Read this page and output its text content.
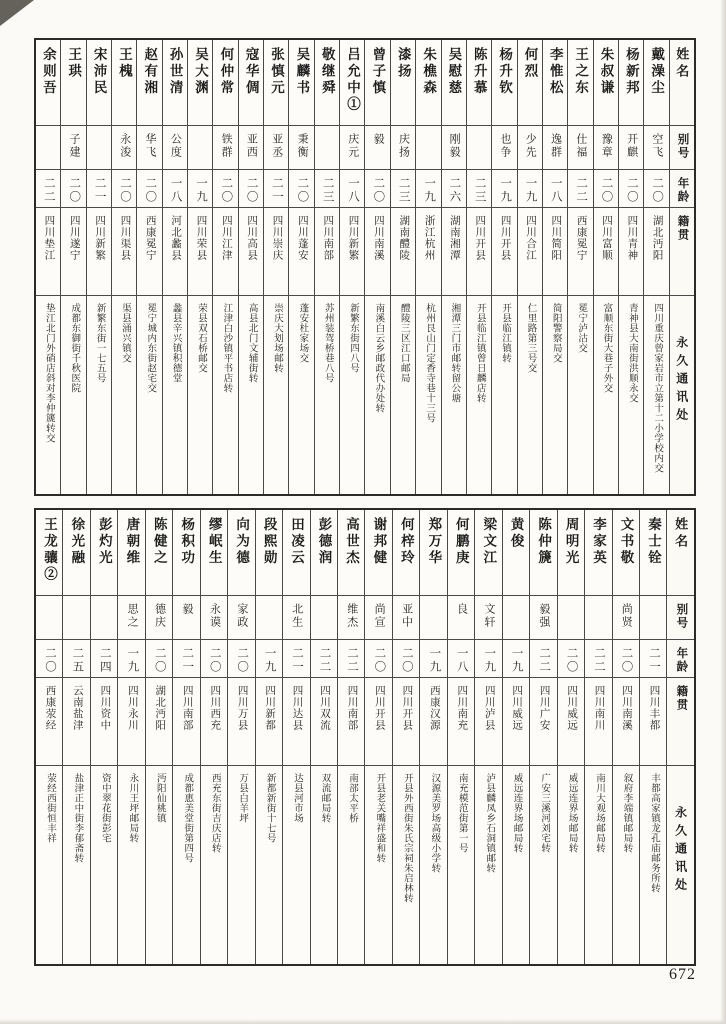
余则吾
二二
四川垫江
垫江北门外硝店斜对李仲篪转交
王珙
子建
二〇
四川遂宁
成都东御街千秋医院
宋沛民
二一
四川新繁
新繁东街一七五号
王槐
永浚
二〇
四川渠县
渠县涌兴镇交
赵有湘
华飞
二〇
西康冕宁
冕宁城内东街赵宅交
孙世清
公度
一八
河北蠡县
蠡县辛兴镇积德堂
吴大渊
一九
四川荣县
荣县双石桥邮交
何仲常
铁群
二〇
四川江津
江津白沙镇平书店转
寇华倜
亚西
二〇
四川高县
高县北门文辅街转
张慎元
亚丞
二一
四川崇庆
崇庆大划场邮转
吴麟书
秉衡
二〇
四川蓬安
蓬安杜家场交
敬继舜
二三
四川南部
苏州装驾桥巷八号
吕允中①
庆元
一八
四川新繁
新繁东街四八号
曾子慎
毅
二〇
四川南溪
南溪白云乡邮政代办处转
漆扬
庆扬
二三
湖南醴陵
醴陵三区江口邮局
朱樵森
一九
浙江杭州
杭州艮山门定香寺巷十三号
吴慰慈
刚毅
二六
湖南湘潭
湘潭三门市邮转留公塘
陈升慕
二三
四川开县
开县临江镇曾日麟店转
杨升钦
也争
一九
四川开县
开县临江镇转
何烈
少先
一九
四川合江
仁里路第三号交
李惟松
逸群
一八
四川简阳
简阳警察局交
王之东
仕福
二二
西康冕宁
冕宁泸沽交
朱叔谦
豫章
二〇
四川富顺
富顺东街大巷子外交
杨新邦
开麒
二〇
四川青神
青神县大南街洪顺永交
戴澡尘
空飞
二〇
湖北沔阳
四川重庆曾家岩市立第十二小学校内交
姓名
别号
年龄
籍贯
永久通讯处
王龙骧②
二〇
西康荥经
荥经西街恒丰祥
徐光融
二五
云南盐津
盐津正中街李郁斋转
彭灼光
二四
四川资中
资中翠花街彭宅
唐朝维
思之
一九
四川永川
永川王坪邮局转
陈健之
德庆
二〇
湖北沔阳
沔阳仙桃镇
杨积功
毅
二一
四川南部
成都惠美堂街第四号
缪岷生
永谟
二〇
四川西充
西充东街吉庆店转
向为德
家政
二〇
四川万县
万县白羊坪
段熙勋
一九
四川新都
新都新街十七号
田凌云
北生
二一
四川达县
达县河市场
彭德润
二二
四川双流
双流邮局转
高世杰
维杰
二二
四川南部
南部太平桥
谢邦健
尚宣
二〇
四川开县
开县老关嘴祥盛和转
何梓玲
亚中
二〇
四川开县
开县外西街朱氏宗祠朱启林转
郑万华
一九
西康汉源
汉源美罗场高级小学转
何鹏庚
良
一八
四川南充
南充模范街第一号
梁文江
文轩
一九
四川泸县
泸县麟凤乡石洞镇邮转
黄俊
一九
四川威远
威远连界场邮局转
陈仲篪
毅强
二二
四川广安
广安三溪河刘宅转
周明光
二〇
四川威远
威远连界场邮局转
李家英
二二
四川南川
南川大观场邮局转
文书敬
尚贤
二〇
四川南溪
叙府李端镇邮局转
秦士铨
二一
四川丰都
丰都高家镇龙孔庙邮务所转
姓名
别号
年龄
籍贯
永久通讯处
672
